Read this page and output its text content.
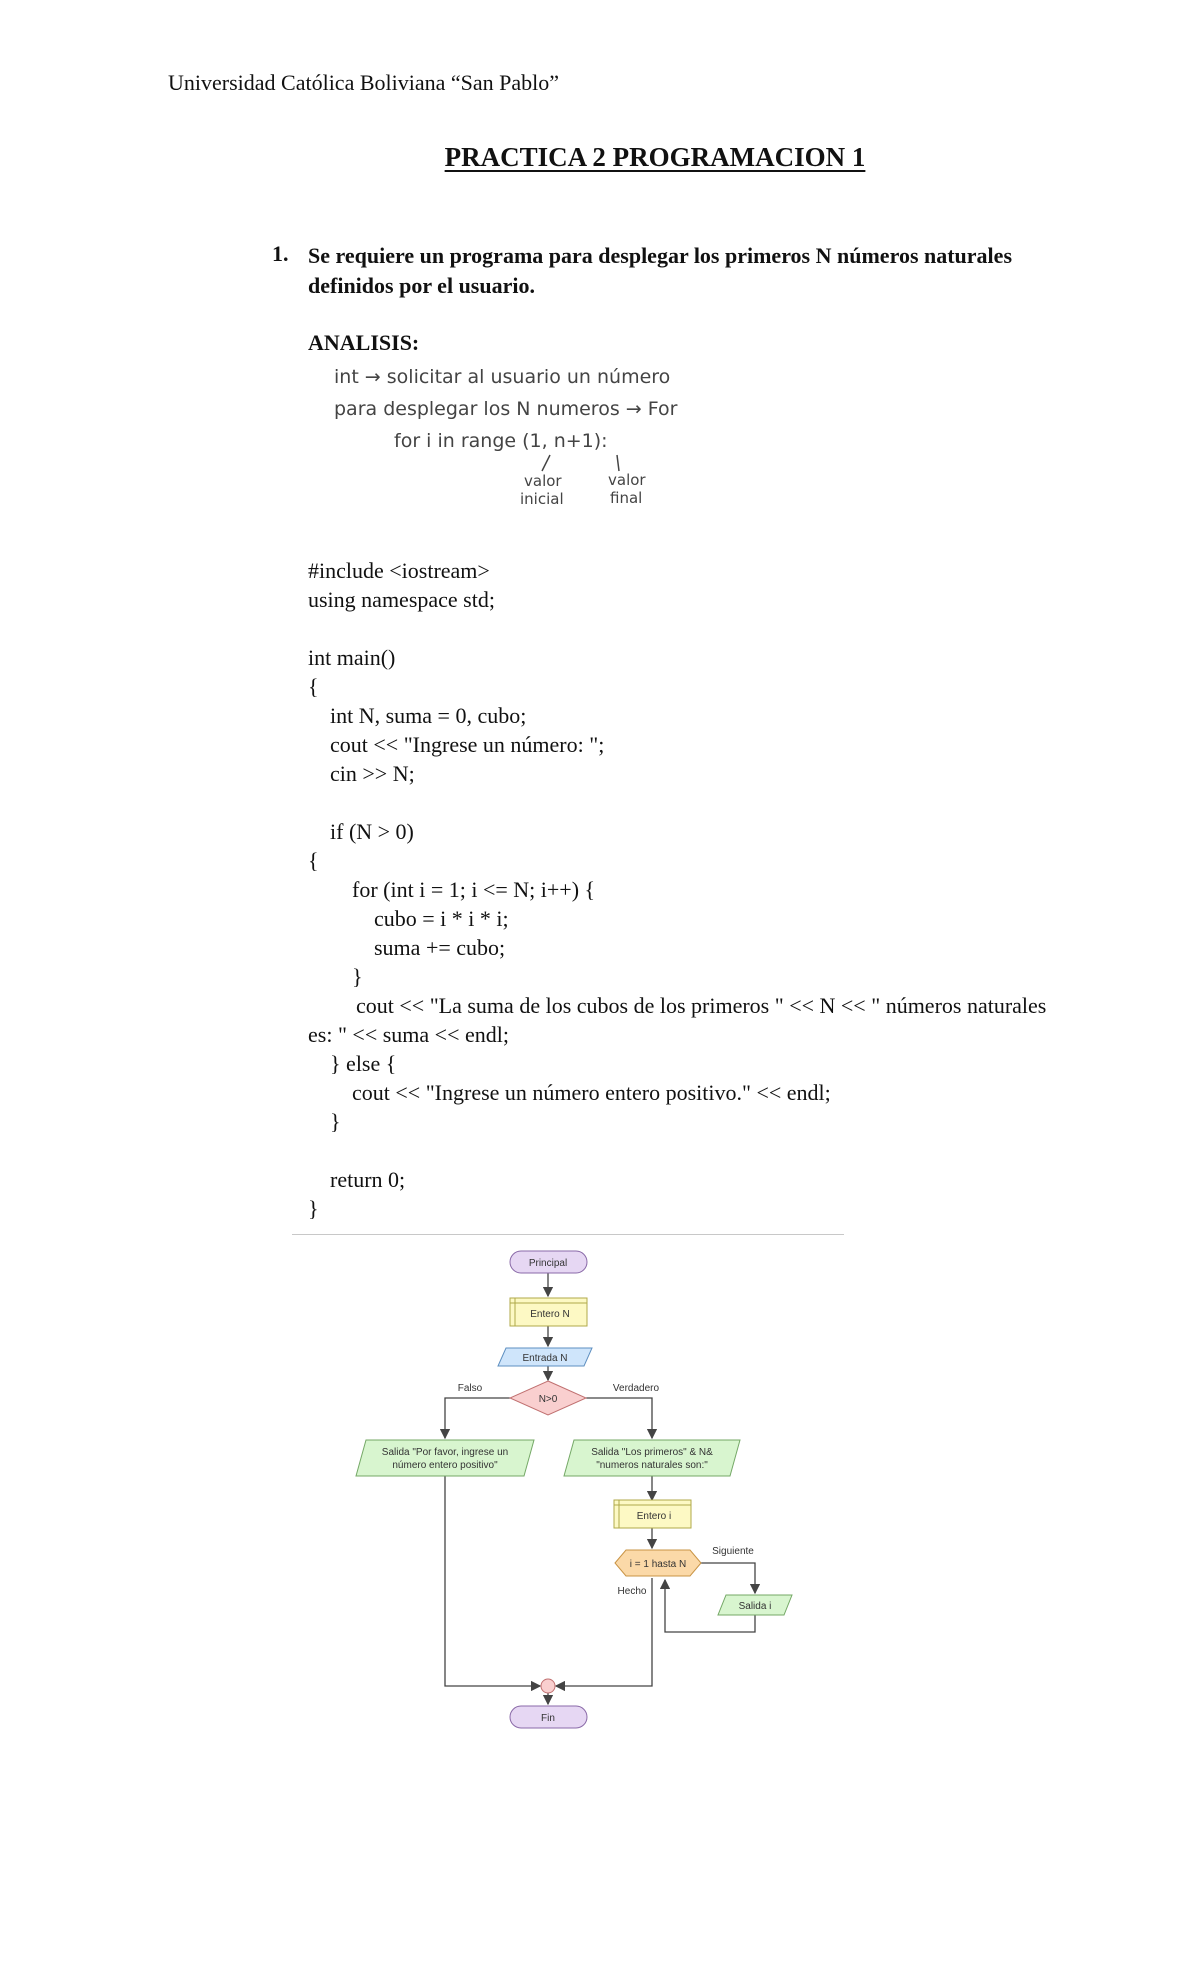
Universidad Católica Boliviana “San Pablo”
PRACTICA 2 PROGRAMACION 1
1. Se requiere un programa para desplegar los primeros N números naturales definidos por el usuario.
ANALISIS:
int → solicitar al usuario un número
para desplegar los N numeros → For
for i in range (1, n+1):
valor
inicial
valor
final
#include <iostream>
using namespace std;
int main()
{
int N, suma = 0, cubo;
cout << "Ingrese un número: ";
cin >> N;
if (N > 0)
{
for (int i = 1; i <= N; i++) {
cubo = i * i * i;
suma += cubo;
}
cout << "La suma de los cubos de los primeros " << N << " números naturales es: " << suma << endl;
} else {
cout << "Ingrese un número entero positivo." << endl;
}
return 0;
}
Principal
Entero N
Entrada N
N>0
Falso	Verdadero
Salida "Por favor, ingrese un
número entero positivo"
Salida "Los primeros" & N&
"numeros naturales son:"
Entero i
i = 1 hasta N
Siguiente
Hecho
Salida i
Fin
